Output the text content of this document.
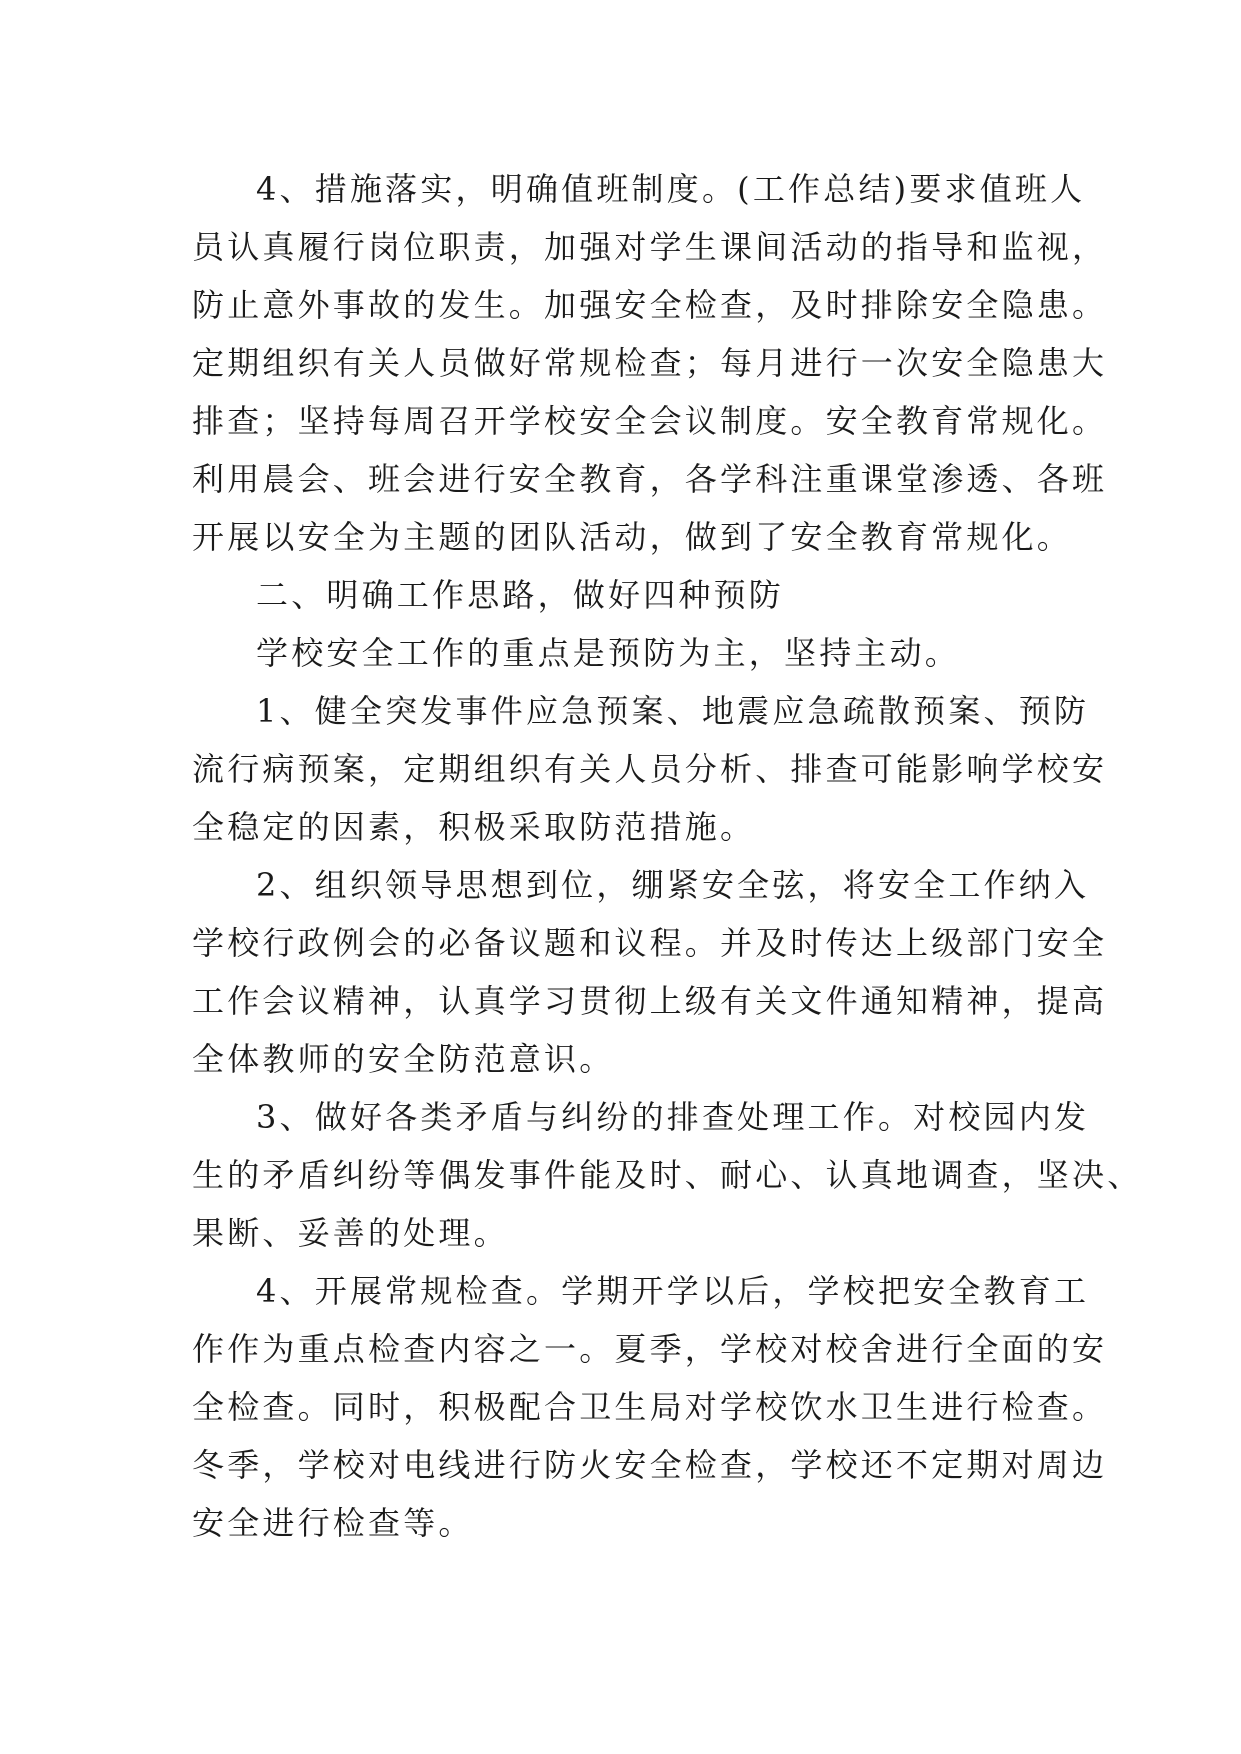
4、措施落实，明确值班制度。(工作总结)要求值班人
员认真履行岗位职责，加强对学生课间活动的指导和监视，
防止意外事故的发生。加强安全检查，及时排除安全隐患。
定期组织有关人员做好常规检查；每月进行一次安全隐患大
排查；坚持每周召开学校安全会议制度。安全教育常规化。
利用晨会、班会进行安全教育，各学科注重课堂渗透、各班
开展以安全为主题的团队活动，做到了安全教育常规化。
二、明确工作思路，做好四种预防
学校安全工作的重点是预防为主，坚持主动。
1、健全突发事件应急预案、地震应急疏散预案、预防
流行病预案，定期组织有关人员分析、排查可能影响学校安
全稳定的因素，积极采取防范措施。
2、组织领导思想到位，绷紧安全弦，将安全工作纳入
学校行政例会的必备议题和议程。并及时传达上级部门安全
工作会议精神，认真学习贯彻上级有关文件通知精神，提高
全体教师的安全防范意识。
3、做好各类矛盾与纠纷的排查处理工作。对校园内发
生的矛盾纠纷等偶发事件能及时、耐心、认真地调查，坚决、
果断、妥善的处理。
4、开展常规检查。学期开学以后，学校把安全教育工
作作为重点检查内容之一。夏季，学校对校舍进行全面的安
全检查。同时，积极配合卫生局对学校饮水卫生进行检查。
冬季，学校对电线进行防火安全检查，学校还不定期对周边
安全进行检查等。
